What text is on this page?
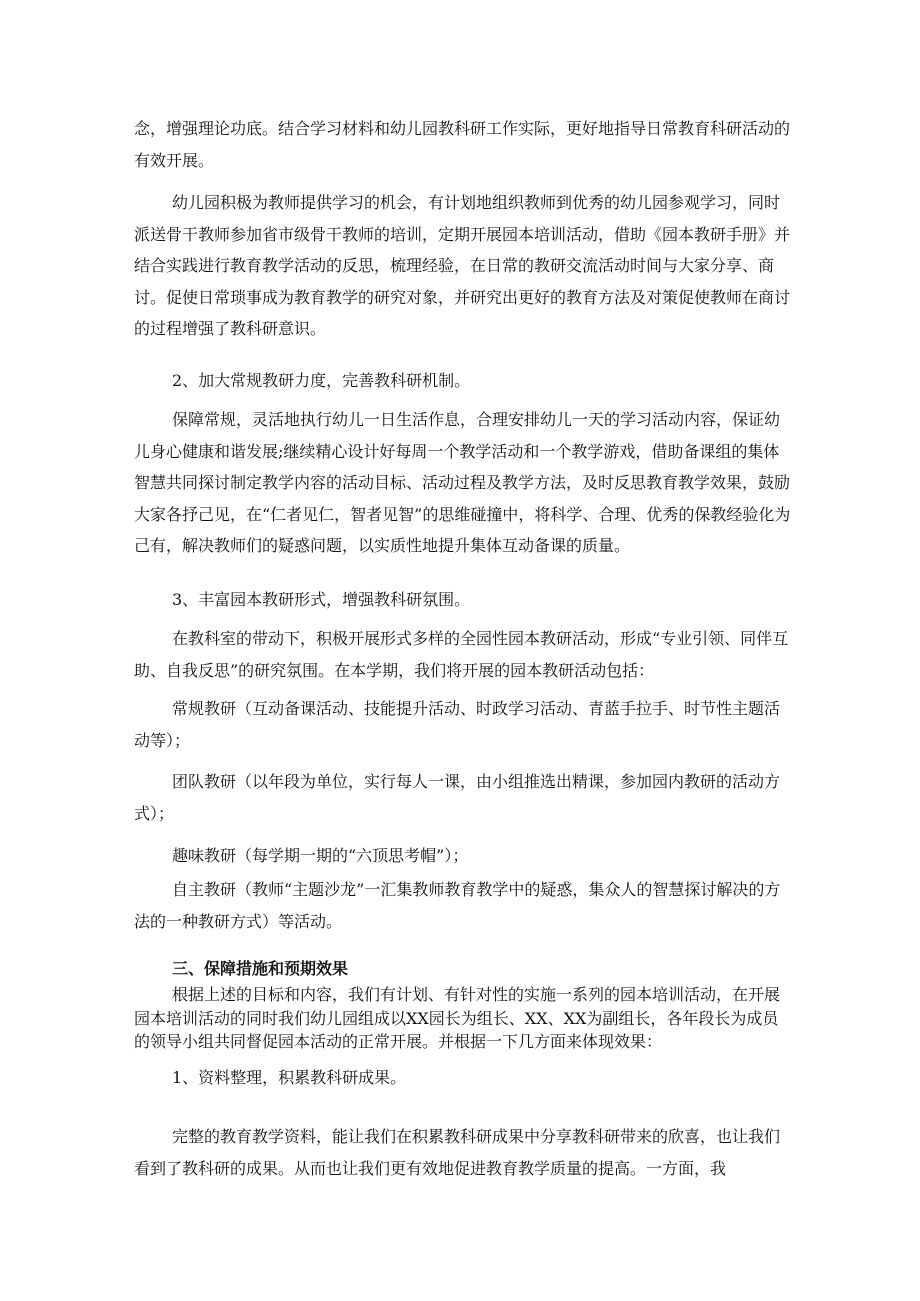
念，增强理论功底。结合学习材料和幼儿园教科研工作实际，更好地指导日常教育科研活动的有效开展。

幼儿园积极为教师提供学习的机会，有计划地组织教师到优秀的幼儿园参观学习，同时派送骨干教师参加省市级骨干教师的培训，定期开展园本培训活动，借助《园本教研手册》并结合实践进行教育教学活动的反思，梳理经验，在日常的教研交流活动时间与大家分享、商讨。促使日常琐事成为教育教学的研究对象，并研究出更好的教育方法及对策促使教师在商讨的过程增强了教科研意识。

2、加大常规教研力度，完善教科研机制。

保障常规，灵活地执行幼儿一日生活作息，合理安排幼儿一天的学习活动内容，保证幼儿身心健康和谐发展;继续精心设计好每周一个教学活动和一个教学游戏，借助备课组的集体智慧共同探讨制定教学内容的活动目标、活动过程及教学方法，及时反思教育教学效果，鼓励大家各抒己见，在“仁者见仁，智者见智”的思维碰撞中，将科学、合理、优秀的保教经验化为己有，解决教师们的疑惑问题，以实质性地提升集体互动备课的质量。

3、丰富园本教研形式，增强教科研氛围。

在教科室的带动下，积极开展形式多样的全园性园本教研活动，形成“专业引领、同伴互助、自我反思”的研究氛围。在本学期，我们将开展的园本教研活动包括：

常规教研（互动备课活动、技能提升活动、时政学习活动、青蓝手拉手、时节性主题活动等）；

团队教研（以年段为单位，实行每人一课，由小组推选出精课，参加园内教研的活动方式）；

趣味教研（每学期一期的“六顶思考帽”）；

自主教研（教师“主题沙龙”一汇集教师教育教学中的疑惑，集众人的智慧探讨解决的方法的一种教研方式）等活动。

三、保障措施和预期效果

根据上述的目标和内容，我们有计划、有针对性的实施一系列的园本培训活动，在开展园本培训活动的同时我们幼儿园组成以XX园长为组长、XX、XX为副组长，各年段长为成员的领导小组共同督促园本活动的正常开展。并根据一下几方面来体现效果：

1、资料整理，积累教科研成果。

完整的教育教学资料，能让我们在积累教科研成果中分享教科研带来的欣喜，也让我们看到了教科研的成果。从而也让我们更有效地促进教育教学质量的提高。一方面，我
